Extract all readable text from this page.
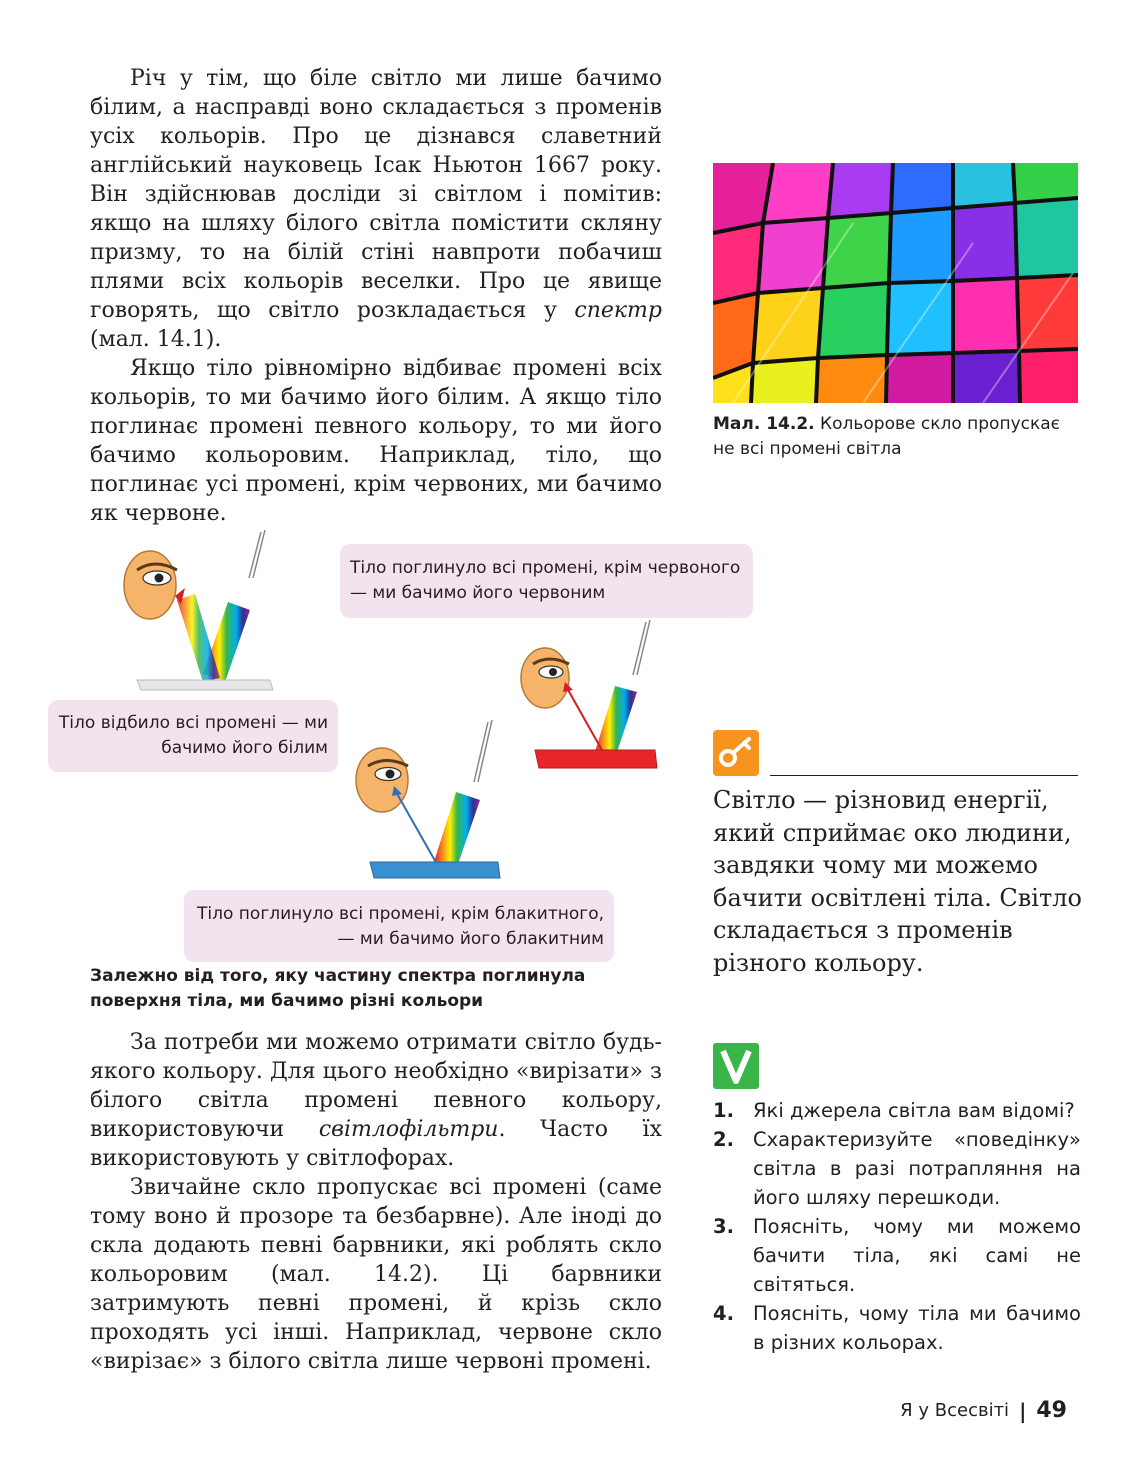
Річ у тім, що біле світло ми лише бачимо білим, а насправді воно складається з променів усіх кольорів. Про це дізнався славетний англійський науковець Ісак Ньютон 1667 року. Він здійснював досліди зі світлом і помітив: якщо на шляху білого світла помістити скляну призму, то на білій стіні навпроти побачиш плями всіх кольорів веселки. Про це явище говорять, що світло розкладається у спектр (мал. 14.1).

Якщо тіло рівномірно відбиває промені всіх кольорів, то ми бачимо його білим. А якщо тіло поглинає промені певного кольору, то ми його бачимо кольоровим. Наприклад, тіло, що поглинає усі промені, крім червоних, ми бачимо як червоне.

Мал. 14.2. Кольорове скло пропускає не всі промені світла
Тіло поглинуло всі промені, крім червоного — ми бачимо його червоним
Тіло відбило всі промені — ми бачимо його білим
Тіло поглинуло всі промені, крім блакитного, — ми бачимо його блакитним
Залежно від того, яку частину спектра поглинула поверхня тіла, ми бачимо різні кольори

За потреби ми можемо отримати світло будь-якого кольору. Для цього необхідно «вирізати» з білого світла промені певного кольору, використовуючи світлофільтри. Часто їх використовують у світлофорах.

Звичайне скло пропускає всі промені (саме тому воно й прозоре та безбарвне). Але іноді до скла додають певні барвники, які роблять скло кольоровим (мал. 14.2). Ці барвники затримують певні промені, й крізь скло проходять усі інші. Наприклад, червоне скло «вирізає» з білого світла лише червоні промені.

Світло — різновид енергії, який сприймає око людини, завдяки чому ми можемо бачити освітлені тіла. Світло складається з променів різного кольору.
1. Які джерела світла вам відомі?
2. Схарактеризуйте «поведінку» світла в разі потрапляння на його шляху перешкоди.
3. Поясніть, чому ми можемо бачити тіла, які самі не світяться.
4. Поясніть, чому тіла ми бачимо в різних кольорах.
Я у Всесвіті | 49
